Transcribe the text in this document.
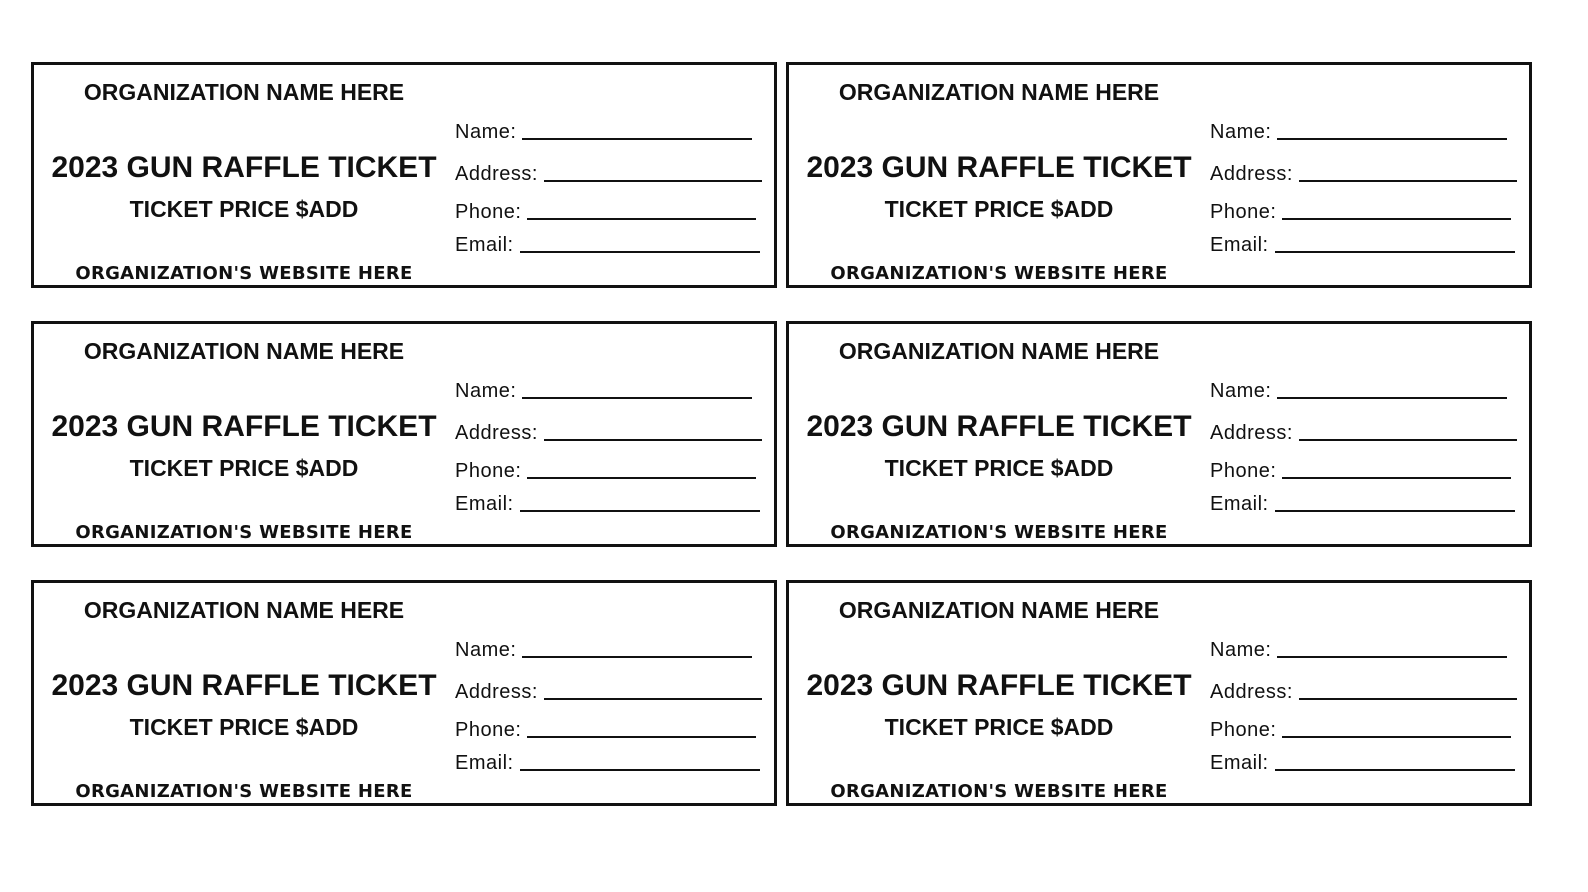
ORGANIZATION NAME HERE
2023 GUN RAFFLE TICKET
TICKET PRICE $ADD
ORGANIZATION'S WEBSITE HERE
Name:
Address:
Phone:
Email:
ORGANIZATION NAME HERE
2023 GUN RAFFLE TICKET
TICKET PRICE $ADD
ORGANIZATION'S WEBSITE HERE
Name:
Address:
Phone:
Email:
ORGANIZATION NAME HERE
2023 GUN RAFFLE TICKET
TICKET PRICE $ADD
ORGANIZATION'S WEBSITE HERE
Name:
Address:
Phone:
Email:
ORGANIZATION NAME HERE
2023 GUN RAFFLE TICKET
TICKET PRICE $ADD
ORGANIZATION'S WEBSITE HERE
Name:
Address:
Phone:
Email:
ORGANIZATION NAME HERE
2023 GUN RAFFLE TICKET
TICKET PRICE $ADD
ORGANIZATION'S WEBSITE HERE
Name:
Address:
Phone:
Email:
ORGANIZATION NAME HERE
2023 GUN RAFFLE TICKET
TICKET PRICE $ADD
ORGANIZATION'S WEBSITE HERE
Name:
Address:
Phone:
Email:
